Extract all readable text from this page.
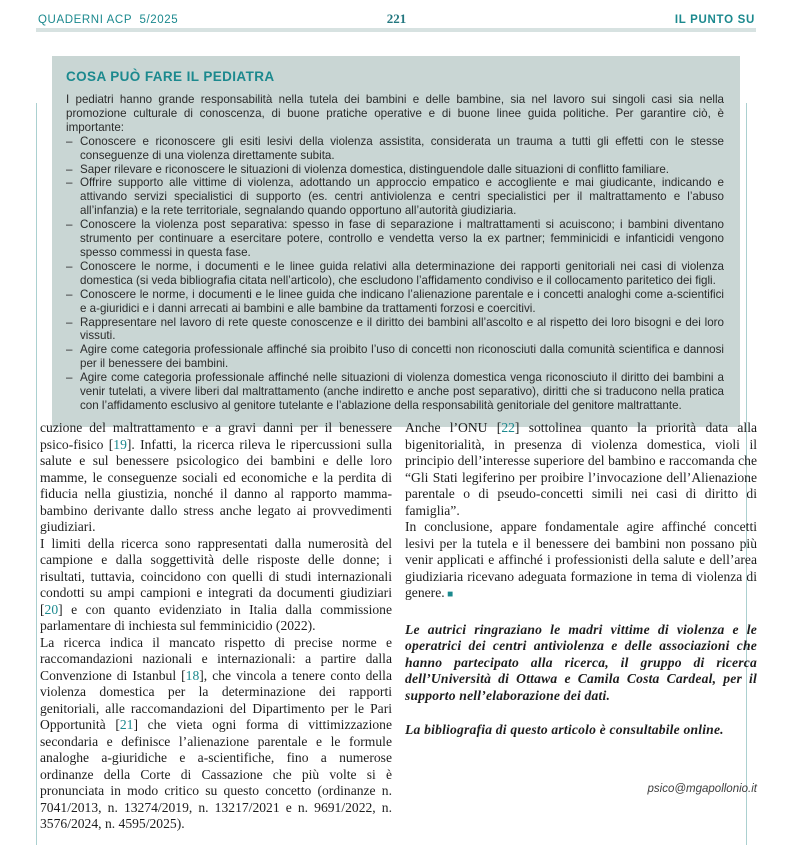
QUADERNI ACP  5/2025	221	IL PUNTO SU
COSA PUÒ FARE IL PEDIATRA
I pediatri hanno grande responsabilità nella tutela dei bambini e delle bambine, sia nel lavoro sui singoli casi sia nella promozione culturale di conoscenza, di buone pratiche operative e di buone linee guida politiche. Per garantire ciò, è importante:
– Conoscere e riconoscere gli esiti lesivi della violenza assistita, considerata un trauma a tutti gli effetti con le stesse conseguenze di una violenza direttamente subita.
– Saper rilevare e riconoscere le situazioni di violenza domestica, distinguendole dalle situazioni di conflitto familiare.
– Offrire supporto alle vittime di violenza, adottando un approccio empatico e accogliente e mai giudicante, indicando e attivando servizi specialistici di supporto (es. centri antiviolenza e centri specialistici per il maltrattamento e l’abuso all’infanzia) e la rete territoriale, segnalando quando opportuno all’autorità giudiziaria.
– Conoscere la violenza post separativa: spesso in fase di separazione i maltrattamenti si acuiscono; i bambini diventano strumento per continuare a esercitare potere, controllo e vendetta verso la ex partner; femminicidi e infanticidi vengono spesso commessi in questa fase.
– Conoscere le norme, i documenti e le linee guida relativi alla determinazione dei rapporti genitoriali nei casi di violenza domestica (si veda bibliografia citata nell’articolo), che escludono l’affidamento condiviso e il collocamento paritetico dei figli.
– Conoscere le norme, i documenti e le linee guida che indicano l’alienazione parentale e i concetti analoghi come a-scientifici e a-giuridici e i danni arrecati ai bambini e alle bambine da trattamenti forzosi e coercitivi.
– Rappresentare nel lavoro di rete queste conoscenze e il diritto dei bambini all’ascolto e al rispetto dei loro bisogni e dei loro vissuti.
– Agire come categoria professionale affinché sia proibito l’uso di concetti non riconosciuti dalla comunità scientifica e dannosi per il benessere dei bambini.
– Agire come categoria professionale affinché nelle situazioni di violenza domestica venga riconosciuto il diritto dei bambini a venir tutelati, a vivere liberi dal maltrattamento (anche indiretto e anche post separativo), diritti che si traducono nella pratica con l’affidamento esclusivo al genitore tutelante e l’ablazione della responsabilità genitoriale del genitore maltrattante.

cuzione del maltrattamento e a gravi danni per il benessere psico-fisico [19]. Infatti, la ricerca rileva le ripercussioni sulla salute e sul benessere psicologico dei bambini e delle loro mamme, le conseguenze sociali ed economiche e la perdita di fiducia nella giustizia, nonché il danno al rapporto mamma-bambino derivante dallo stress anche legato ai provvedimenti giudiziari.

I limiti della ricerca sono rappresentati dalla numerosità del campione e dalla soggettività delle risposte delle donne; i risultati, tuttavia, coincidono con quelli di studi internazionali condotti su ampi campioni e integrati da documenti giudiziari [20] e con quanto evidenziato in Italia dalla commissione parlamentare di inchiesta sul femminicidio (2022).

La ricerca indica il mancato rispetto di precise norme e raccomandazioni nazionali e internazionali: a partire dalla Convenzione di Istanbul [18], che vincola a tenere conto della violenza domestica per la determinazione dei rapporti genitoriali, alle raccomandazioni del Dipartimento per le Pari Opportunità [21] che vieta ogni forma di vittimizzazione secondaria e definisce l’alienazione parentale e le formule analoghe a-giuridiche e a-scientifiche, fino a numerose ordinanze della Corte di Cassazione che più volte si è pronunciata in modo critico su questo concetto (ordinanze n. 7041/2013, n. 13274/2019, n. 13217/2021 e n. 9691/2022, n. 3576/2024, n. 4595/2025).

Anche l’ONU [22] sottolinea quanto la priorità data alla bigenitorialità, in presenza di violenza domestica, violi il principio dell’interesse superiore del bambino e raccomanda che “Gli Stati legiferino per proibire l’invocazione dell’Alienazione parentale o di pseudo-concetti simili nei casi di diritto di famiglia”.

In conclusione, appare fondamentale agire affinché concetti lesivi per la tutela e il benessere dei bambini non possano più venir applicati e affinché i professionisti della salute e dell’area giudiziaria ricevano adeguata formazione in tema di violenza di genere. ■

Le autrici ringraziano le madri vittime di violenza e le operatrici dei centri antiviolenza e delle associazioni che hanno partecipato alla ricerca, il gruppo di ricerca dell’Università di Ottawa e Camila Costa Cardeal, per il supporto nell’elaborazione dei dati.

La bibliografia di questo articolo è consultabile online.

psico@mgapollonio.it
